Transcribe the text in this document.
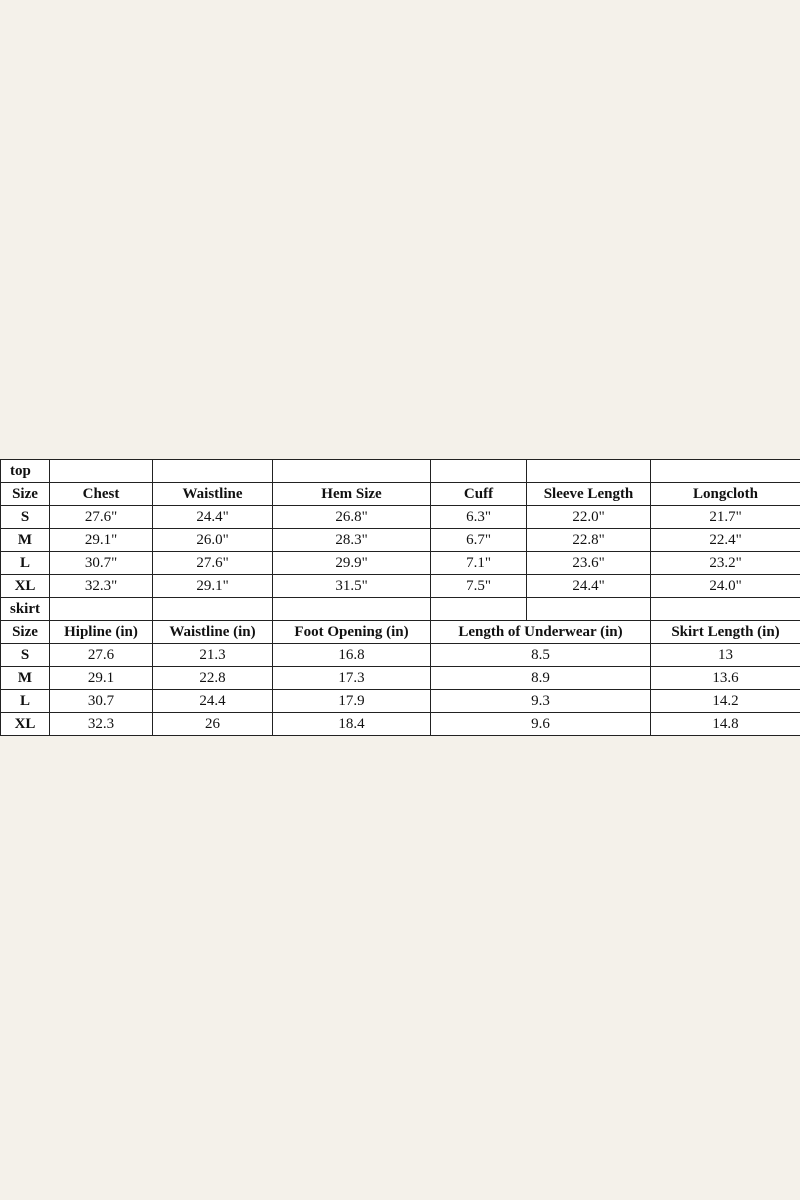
top						
Size	Chest	Waistline	Hem Size	Cuff	Sleeve Length	Longcloth
S	27.6"	24.4"	26.8"	6.3"	22.0"	21.7"
M	29.1"	26.0"	28.3"	6.7"	22.8"	22.4"
L	30.7"	27.6"	29.9"	7.1"	23.6"	23.2"
XL	32.3"	29.1"	31.5"	7.5"	24.4"	24.0"
skirt						
Size	Hipline (in)	Waistline (in)	Foot Opening (in)	Length of Underwear (in)		Skirt Length (in)
S	27.6	21.3	16.8	8.5		13
M	29.1	22.8	17.3	8.9		13.6
L	30.7	24.4	17.9	9.3		14.2
XL	32.3	26	18.4	9.6		14.8
